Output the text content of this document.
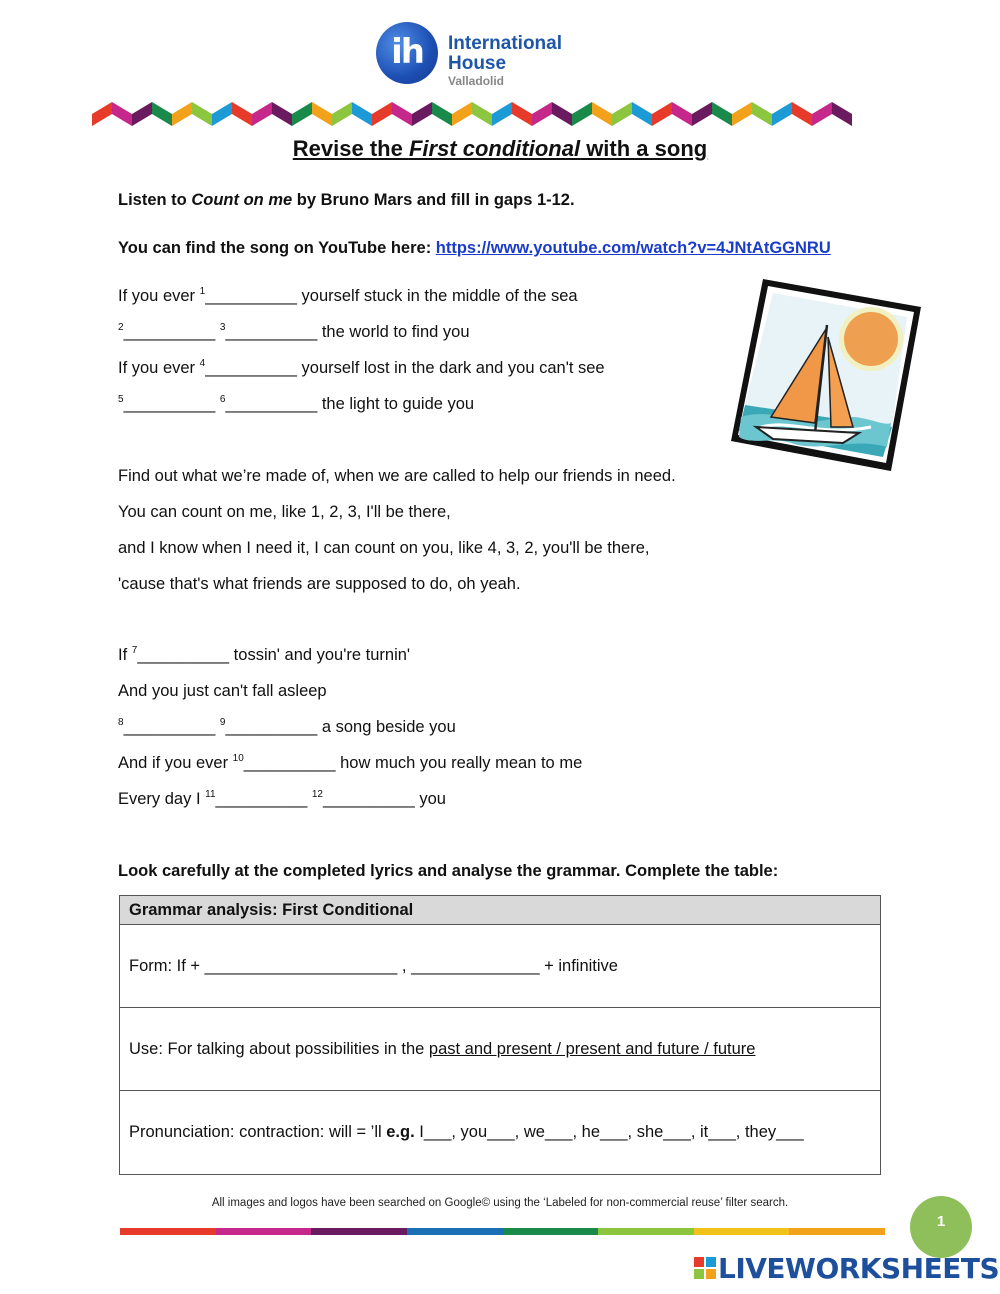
ih	International
House
Valladolid
Revise the First conditional with a song
Listen to Count on me by Bruno Mars and fill in gaps 1-12.
You can find the song on YouTube here: https://www.youtube.com/watch?v=4JNtAtGGNRU
If you ever $^1$__________ yourself stuck in the middle of the sea
$^2$__________ $^3$__________ the world to find you
If you ever $^4$__________ yourself lost in the dark and you can't see
$^5$__________ $^6$__________ the light to guide you
Find out what we’re made of, when we are called to help our friends in need.
You can count on me, like 1, 2, 3, I'll be there,
and I know when I need it, I can count on you, like 4, 3, 2, you'll be there,
'cause that's what friends are supposed to do, oh yeah.
If $^7$__________ tossin' and you're turnin'
And you just can't fall asleep
$^8$__________ $^9$__________ a song beside you
And if you ever $^{10}$__________ how much you really mean to me
Every day I $^{11}$__________ $^{12}$__________ you
Look carefully at the completed lyrics and analyse the grammar. Complete the table:
Grammar analysis: First Conditional
Form: If + _____________________ , ______________ + infinitive
Use: For talking about possibilities in the past and present / present and future / future
Pronunciation: contraction: will = ’ll e.g. I___, you___, we___, he___, she___, it___, they___
All images and logos have been searched on Google© using the ‘Labeled for non-commercial reuse’ filter search.
1
LIVEWORKSHEETS
